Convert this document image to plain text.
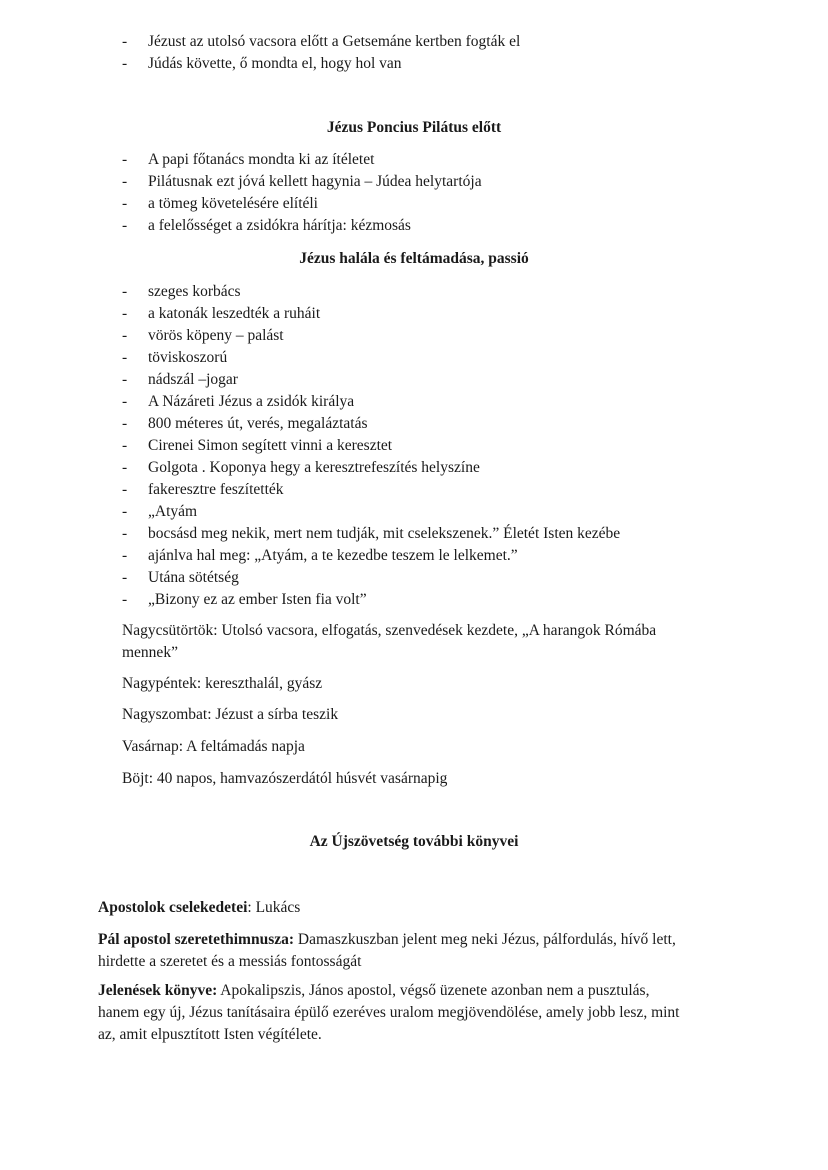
- Jézust az utolsó vacsora előtt a Getsemáne kertben fogták el
- Júdás követte, ő mondta el, hogy hol van
Jézus Poncius Pilátus előtt
- A papi főtanács mondta ki az ítéletet
- Pilátusnak ezt jóvá kellett hagynia – Júdea helytartója
- a tömeg követelésére elítéli
- a felelősséget a zsidókra hárítja: kézmosás
Jézus halála és feltámadása, passió
- szeges korbács
- a katonák leszedték a ruháit
- vörös köpeny – palást
- töviskoszorú
- nádszál –jogar
- A Názáreti Jézus a zsidók királya
- 800 méteres út, verés, megaláztatás
- Cirenei Simon segített vinni a keresztet
- Golgota . Koponya hegy a keresztrefeszítés helyszíne
- fakeresztre feszítették
- „Atyám
- bocsásd meg nekik, mert nem tudják, mit cselekszenek.” Életét Isten kezébe
- ajánlva hal meg: „Atyám, a te kezedbe teszem le lelkemet.”
- Utána sötétség
- „Bizony ez az ember Isten fia volt”
Nagycsütörtök: Utolsó vacsora, elfogatás, szenvedések kezdete, „A harangok Rómába
mennek”
Nagypéntek: kereszthalál, gyász
Nagyszombat: Jézust a sírba teszik
Vasárnap: A feltámadás napja
Böjt: 40 napos, hamvazószerdától húsvét vasárnapig
Az Újszövetség további könyvei
Apostolok cselekedetei: Lukács
Pál apostol szeretethimnusza: Damaszkuszban jelent meg neki Jézus, pálfordulás, hívő lett,
hirdette a szeretet és a messiás fontosságát
Jelenések könyve: Apokalipszis, János apostol, végső üzenete azonban nem a pusztulás,
hanem egy új, Jézus tanításaira épülő ezeréves uralom megjövendölése, amely jobb lesz, mint
az, amit elpusztított Isten végítélete.
